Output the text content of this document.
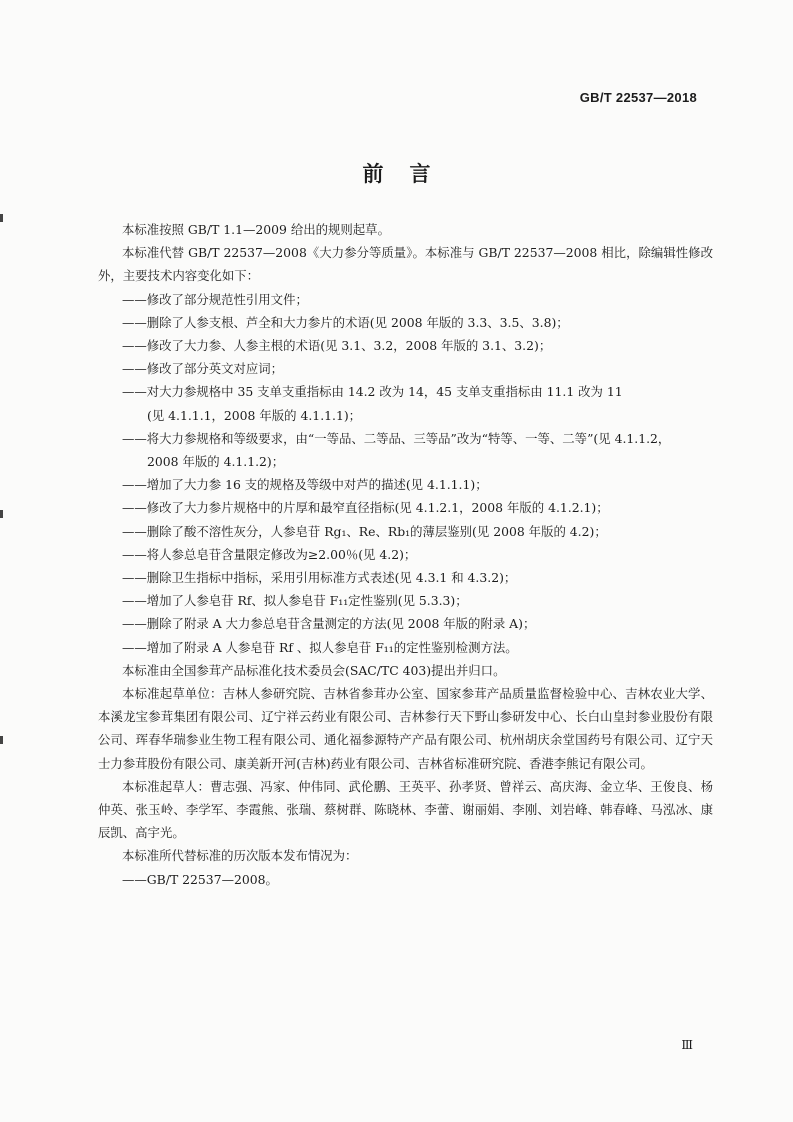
GB/T 22537—2018
前言

本标准按照 GB/T 1.1—2009 给出的规则起草。

本标准代替 GB/T 22537—2008《大力参分等质量》。本标准与 GB/T 22537—2008 相比，除编辑性修改外，主要技术内容变化如下：

——修改了部分规范性引用文件；

——删除了人参支根、芦全和大力参片的术语(见 2008 年版的 3.3、3.5、3.8)；

——修改了大力参、人参主根的术语(见 3.1、3.2，2008 年版的 3.1、3.2)；

——修改了部分英文对应词；

——对大力参规格中 35 支单支重指标由 14.2 改为 14，45 支单支重指标由 11.1 改为 11

(见 4.1.1.1，2008 年版的 4.1.1.1)；

——将大力参规格和等级要求，由“一等品、二等品、三等品”改为“特等、一等、二等”(见 4.1.1.2，

2008 年版的 4.1.1.2)；

——增加了大力参 16 支的规格及等级中对芦的描述(见 4.1.1.1)；

——修改了大力参片规格中的片厚和最窄直径指标(见 4.1.2.1，2008 年版的 4.1.2.1)；

——删除了酸不溶性灰分，人参皂苷 Rg₁、Re、Rb₁的薄层鉴别(见 2008 年版的 4.2)；

——将人参总皂苷含量限定修改为≥2.00％(见 4.2)；

——删除卫生指标中指标，采用引用标准方式表述(见 4.3.1 和 4.3.2)；

——增加了人参皂苷 Rf、拟人参皂苷 F₁₁定性鉴别(见 5.3.3)；

——删除了附录 A 大力参总皂苷含量测定的方法(见 2008 年版的附录 A)；

——增加了附录 A 人参皂苷 Rf 、拟人参皂苷 F₁₁的定性鉴别检测方法。

本标准由全国参茸产品标准化技术委员会(SAC/TC 403)提出并归口。

本标准起草单位：吉林人参研究院、吉林省参茸办公室、国家参茸产品质量监督检验中心、吉林农业大学、本溪龙宝参茸集团有限公司、辽宁祥云药业有限公司、吉林参行天下野山参研发中心、长白山皇封参业股份有限公司、珲春华瑞参业生物工程有限公司、通化福参源特产产品有限公司、杭州胡庆余堂国药号有限公司、辽宁天士力参茸股份有限公司、康美新开河(吉林)药业有限公司、吉林省标准研究院、香港李熊记有限公司。

本标准起草人：曹志强、冯家、仲伟同、武伦鹏、王英平、孙孝贤、曾祥云、高庆海、金立华、王俊良、杨仲英、张玉岭、李学军、李霞熊、张瑞、蔡树群、陈晓林、李蕾、谢丽娟、李刚、刘岩峰、韩春峰、马泓冰、康辰凯、高宇光。

本标准所代替标准的历次版本发布情况为：

——GB/T 22537—2008。

Ⅲ
